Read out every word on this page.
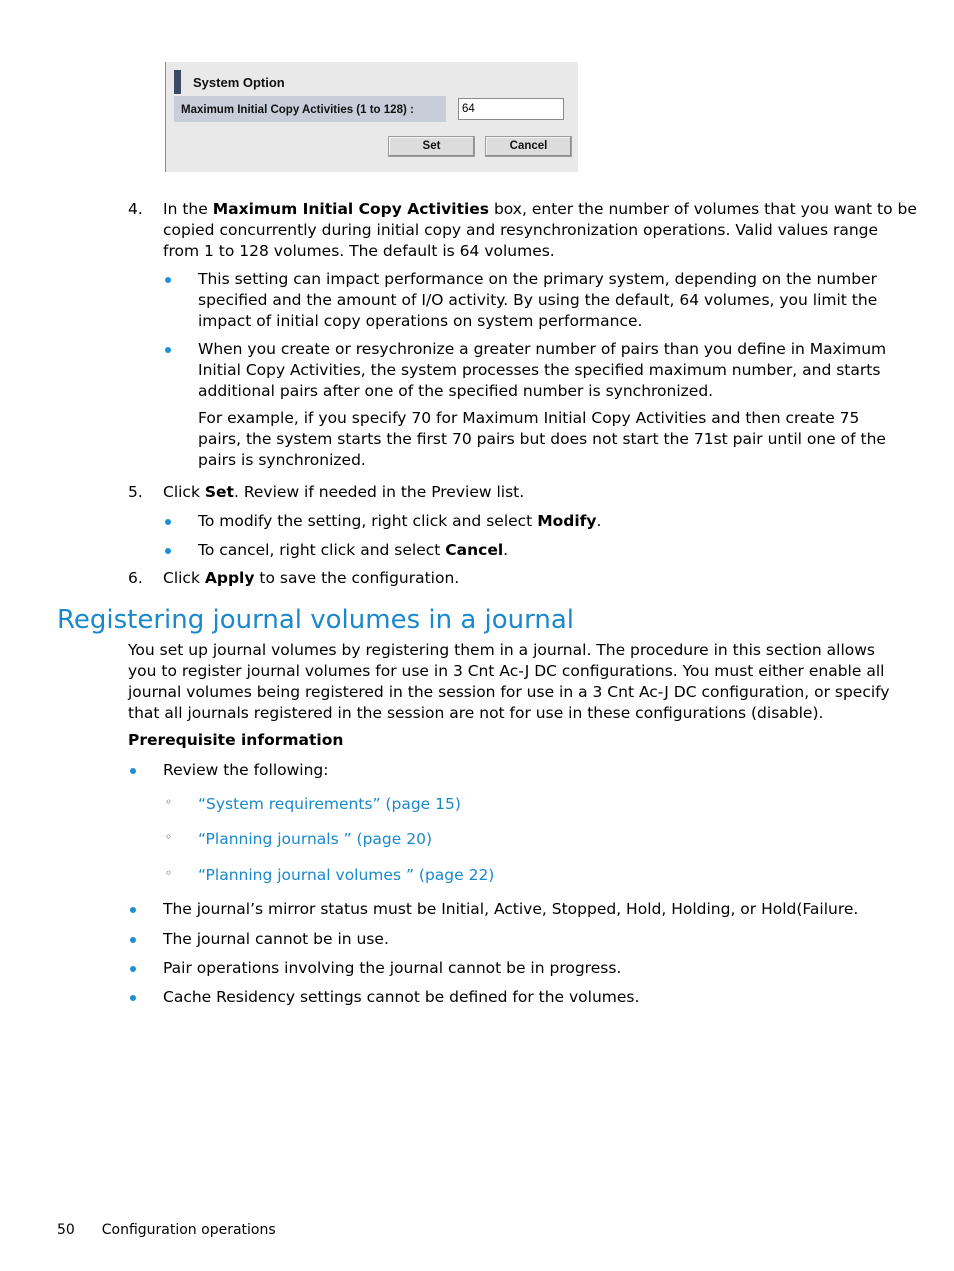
System Option
Maximum Initial Copy Activities (1 to 128) :	64
Set	Cancel
4. In the Maximum Initial Copy Activities box, enter the number of volumes that you want to be
copied concurrently during initial copy and resynchronization operations. Valid values range
from 1 to 128 volumes. The default is 64 volumes.
This setting can impact performance on the primary system, depending on the number
specified and the amount of I/O activity. By using the default, 64 volumes, you limit the
impact of initial copy operations on system performance.
When you create or resychronize a greater number of pairs than you define in Maximum
Initial Copy Activities, the system processes the specified maximum number, and starts
additional pairs after one of the specified number is synchronized.
For example, if you specify 70 for Maximum Initial Copy Activities and then create 75
pairs, the system starts the first 70 pairs but does not start the 71st pair until one of the
pairs is synchronized.
5. Click Set. Review if needed in the Preview list.
To modify the setting, right click and select Modify.
To cancel, right click and select Cancel.
6. Click Apply to save the configuration.
Registering journal volumes in a journal
You set up journal volumes by registering them in a journal. The procedure in this section allows
you to register journal volumes for use in 3 Cnt Ac-J DC configurations. You must either enable all
journal volumes being registered in the session for use in a 3 Cnt Ac-J DC configuration, or specify
that all journals registered in the session are not for use in these configurations (disable).
Prerequisite information
Review the following:
◦ “System requirements” (page 15)
◦ “Planning journals ” (page 20)
◦ “Planning journal volumes ” (page 22)
The journal’s mirror status must be Initial, Active, Stopped, Hold, Holding, or Hold(Failure.
The journal cannot be in use.
Pair operations involving the journal cannot be in progress.
Cache Residency settings cannot be defined for the volumes.
50 Configuration operations
